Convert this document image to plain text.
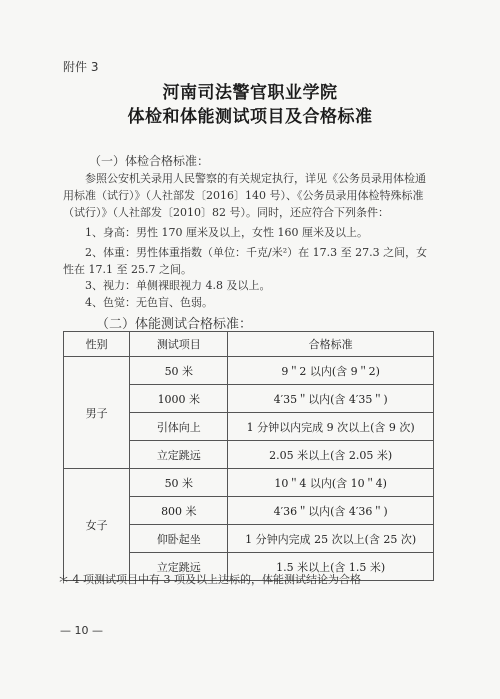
附件 3
河南司法警官职业学院
体检和体能测试项目及合格标准
（一）体检合格标准：
参照公安机关录用人民警察的有关规定执行，详见《公务员录用体检通用标准（试行）》（人社部发〔2016〕140 号）、《公务员录用体检特殊标准（试行）》（人社部发〔2010〕82 号）。同时，还应符合下列条件：
1、身高：男性 170 厘米及以上，女性 160 厘米及以上。
2、体重：男性体重指数（单位：千克/米²）在 17.3 至 27.3 之间，女性在 17.1 至 25.7 之间。
3、视力：单侧裸眼视力 4.8 及以上。
4、色觉：无色盲、色弱。
（二）体能测试合格标准：
性别	测试项目	合格标准
男子	50 米	9＂2 以内(含 9＂2)
	1000 米	4′35＂以内(含 4′35＂)
	引体向上	1 分钟以内完成 9 次以上(含 9 次)
	立定跳远	2.05 米以上(含 2.05 米)
女子	50 米	10＂4 以内(含 10＂4)
	800 米	4′36＂以内(含 4′36＂)
	仰卧起坐	1 分钟内完成 25 次以上(含 25 次)
	立定跳远	1.5 米以上(含 1.5 米)
＊ 4 项测试项目中有 3 项及以上达标的，体能测试结论为合格
— 10 —
